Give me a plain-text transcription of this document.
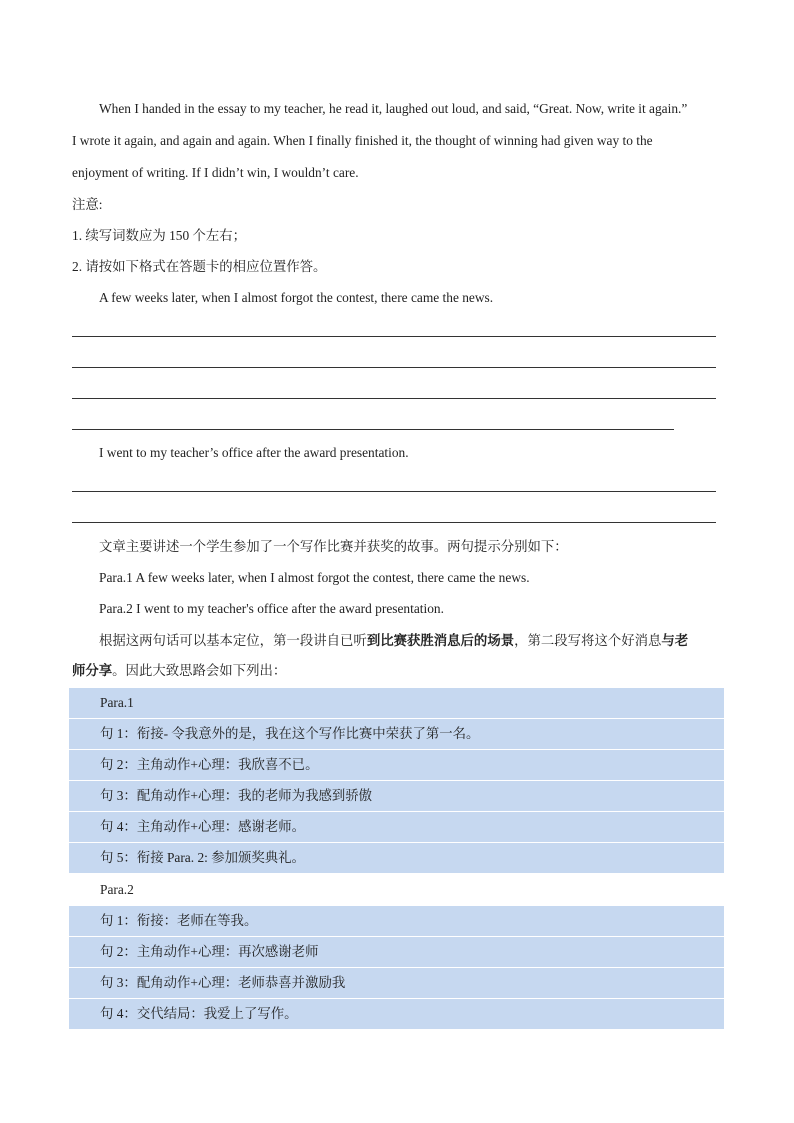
When I handed in the essay to my teacher, he read it, laughed out loud, and said, “Great. Now, write it again.”
I wrote it again, and again and again. When I finally finished it, the thought of winning had given way to the
enjoyment of writing. If I didn’t win, I wouldn’t care.
注意:
1. 续写词数应为 150 个左右；
2. 请按如下格式在答题卡的相应位置作答。
A few weeks later, when I almost forgot the contest, there came the news.
I went to my teacher’s office after the award presentation.
文章主要讲述一个学生参加了一个写作比赛并获奖的故事。两句提示分别如下：
Para.1 A few weeks later, when I almost forgot the contest, there came the news.
Para.2 I went to my teacher's office after the award presentation.
根据这两句话可以基本定位，第一段讲自已听到比赛获胜消息后的场景，第二段写将这个好消息与老
师分享。因此大致思路会如下列出：
Para.1
句 1：衔接- 令我意外的是，我在这个写作比赛中荣获了第一名。
句 2：主角动作+心理：我欣喜不已。
句 3：配角动作+心理：我的老师为我感到骄傲
句 4：主角动作+心理：感谢老师。
句 5：衔接 Para. 2: 参加颁奖典礼。
Para.2
句 1：衔接：老师在等我。
句 2：主角动作+心理：再次感谢老师
句 3：配角动作+心理：老师恭喜并激励我
句 4：交代结局：我爱上了写作。
